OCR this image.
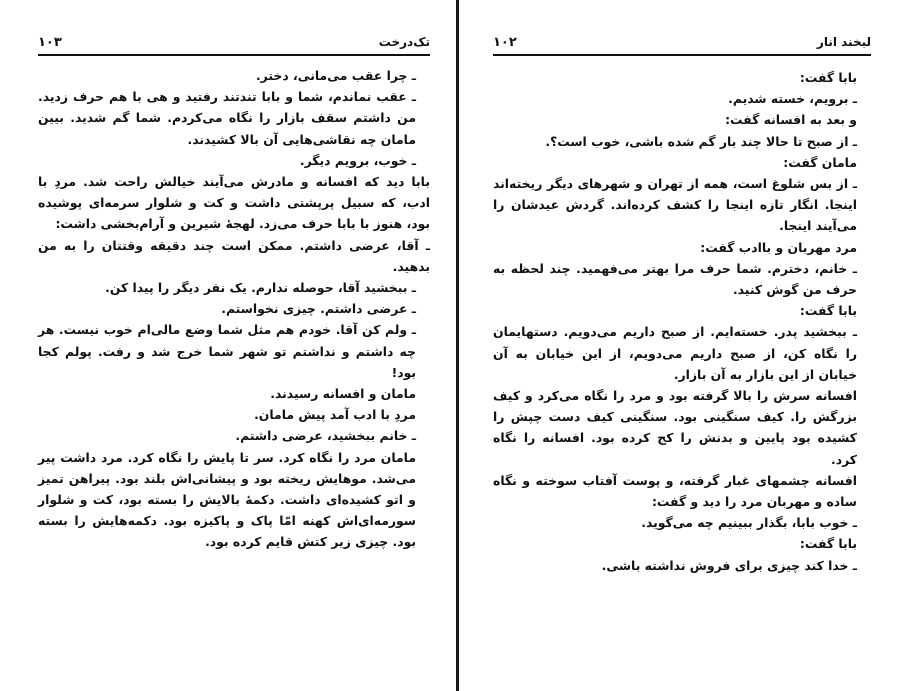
۱۰۳	تک‌درخت

ـ چرا عقب می‌مانی، دختر.

ـ عقب نماندم، شما و بابا تندتند رفتید و هی با هم حرف زدید. من داشتم سقف بازار را نگاه می‌کردم. شما گم شدید. بیین مامان چه نقاشی‌هایی آن بالا کشیدند.

ـ خوب، برویم دیگر.

بابا دید که افسانه و مادرش می‌آیند خیالش راحت شد. مردِ با ادب، که سبیل پرپشتی داشت و کت و شلوار سرمه‌ای پوشیده بود، هنوز با بابا حرف می‌زد. لهجهٔ شیرین و آرام‌بخشی داشت:

ـ آقا، عرضی داشتم. ممکن است چند دقیقه وقتتان را به من بدهید.

ـ ببخشید آقا، حوصله ندارم. یک نفر دیگر را پیدا کن.

ـ عرضی داشتم. چیزی نخواستم.

ـ ولم کن آقا. خودم هم مثل شما وضع مالی‌ام خوب نیست. هر چه داشتم و نداشتم تو شهر شما خرج شد و رفت. پولم کجا بود!

مامان و افسانه رسیدند.

مردِ با ادب آمد پیش مامان.

ـ خانم ببخشید، عرضی داشتم.

مامان مرد را نگاه کرد. سر تا پایش را نگاه کرد. مرد داشت پیر می‌شد. موهایش ریخته بود و پیشانی‌اش بلند بود. پیراهن تمیز و اتو کشیده‌ای داشت. دکمهٔ بالایش را بسته بود، کت و شلوار سورمه‌ای‌اش کهنه امّا پاک و پاکیزه بود. دکمه‌هایش را بسته بود. چیزی زیر کتش قایم کرده بود.

۱۰۲	لبخند انار

بابا گفت:

ـ برویم، خسته شدیم.

و بعد به افسانه گفت:

ـ از صبح تا حالا چند بار گم شده باشی، خوب است؟.

مامان گفت:

ـ از بس شلوغ است، همه از تهران و شهرهای دیگر ریخته‌اند اینجا. انگار تازه اینجا را کشف کرده‌اند. گردش عیدشان را می‌آیند اینجا.

مرد مهربان و باادب گفت:

ـ خانم، دخترم. شما حرف مرا بهتر می‌فهمید. چند لحظه به حرف من گوش کنید.

بابا گفت:

ـ ببخشید پدر. خسته‌ایم. از صبح داریم می‌دویم. دستهایمان را نگاه کن، از صبح داریم می‌دویم، از این خیابان به آن خیابان از این بازار به آن بازار.

افسانه سرش را بالا گرفته بود و مرد را نگاه می‌کرد و کیف بزرگش را. کیف سنگینی بود. سنگینی کیف دست چپش را کشیده بود پایین و بدنش را کج کرده بود. افسانه را نگاه کرد.

افسانه چشمهای غبار گرفته، و پوست آفتاب سوخته و نگاه ساده و مهربان مرد را دید و گفت:

ـ خوب بابا، بگذار ببینیم چه می‌گوید.

بابا گفت:

ـ خدا کند چیزی برای فروش نداشته باشی.
